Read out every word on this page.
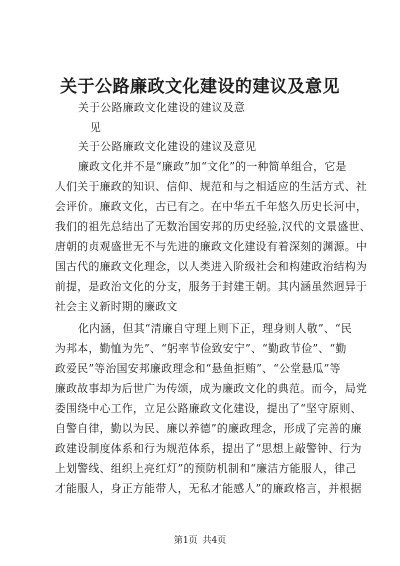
关于公路廉政文化建设的建议及意见
关于公路廉政文化建设的建议及意
见
关于公路廉政文化建设的建议及意见
廉政文化并不是“廉政”加“文化”的一种简单组合，它是
人们关于廉政的知识、信仰、规范和与之相适应的生活方式、社
会评价。廉政文化，古已有之。在中华五千年悠久历史长河中，
我们的祖先总结出了无数治国安邦的历史经验,汉代的文景盛世、
唐朝的贞观盛世无不与先进的廉政文化建设有着深刻的渊源。中
国古代的廉政文化理念，以人类进入阶级社会和构建政治结构为
前提，是政治文化的分支，服务于封建王朝。其内涵虽然迥异于
社会主义新时期的廉政文
化内涵，但其“清廉自守理上则下正，理身则人敬”、“民
为邦本，勤恤为先”、“躬率节俭致安宁”、“勤政节俭”、“勤
政爱民”等治国安邦廉政理念和“悬鱼拒贿”、“公堂悬瓜”等
廉政故事却为后世广为传颂，成为廉政文化的典范。而今，局党
委围绕中心工作，立足公路廉政文化建设，提出了“坚守原则、
自警自律，勤以为民、廉以养德”的廉政理念，形成了完善的廉
政建设制度体系和行为规范体系，提出了“思想上敲警钟、行为
上划警线、组织上亮红灯”的预防机制和“廉洁方能服人，律己
才能服人，身正方能带人，无私才能感人”的廉政格言，并根据
第1页 共4页
